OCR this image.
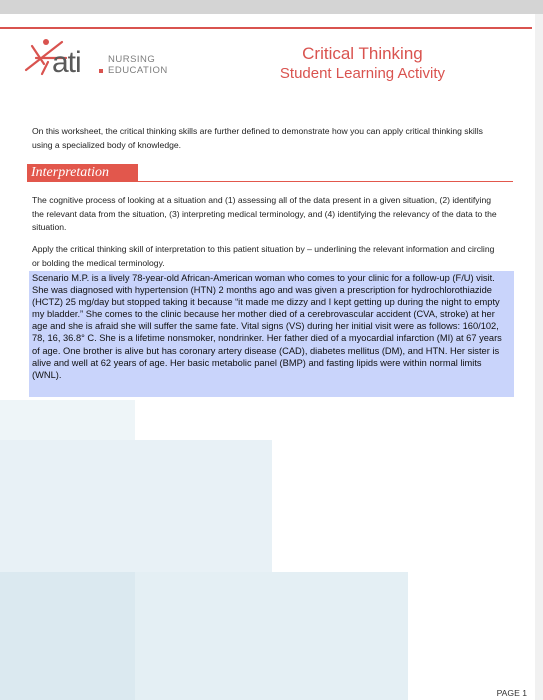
ati	NURSING
EDUCATION
Critical Thinking
Student Learning Activity
On this worksheet, the critical thinking skills are further defined to demonstrate how you can apply critical thinking skills using a specialized body of knowledge.
Interpretation
The cognitive process of looking at a situation and (1) assessing all of the data present in a given situation, (2) identifying the relevant data from the situation, (3) interpreting medical terminology, and (4) identifying the relevancy of the data to the situation.
Apply the critical thinking skill of interpretation to this patient situation by – underlining the relevant information and circling or bolding the medical terminology.
Scenario M.P. is a lively 78-year-old African-American woman who comes to your clinic for a follow-up (F/U) visit. She was diagnosed with hypertension (HTN) 2 months ago and was given a prescription for hydrochlorothiazide (HCTZ) 25 mg/day but stopped taking it because “it made me dizzy and I kept getting up during the night to empty my bladder.” She comes to the clinic because her mother died of a cerebrovascular accident (CVA, stroke) at her age and she is afraid she will suffer the same fate. Vital signs (VS) during her initial visit were as follows: 160/102, 78, 16, 36.8° C. She is a lifetime nonsmoker, nondrinker. Her father died of a myocardial infarction (MI) at 67 years of age. One brother is alive but has coronary artery disease (CAD), diabetes mellitus (DM), and HTN. Her sister is alive and well at 62 years of age. Her basic metabolic panel (BMP) and fasting lipids were within normal limits (WNL).
PAGE 1
